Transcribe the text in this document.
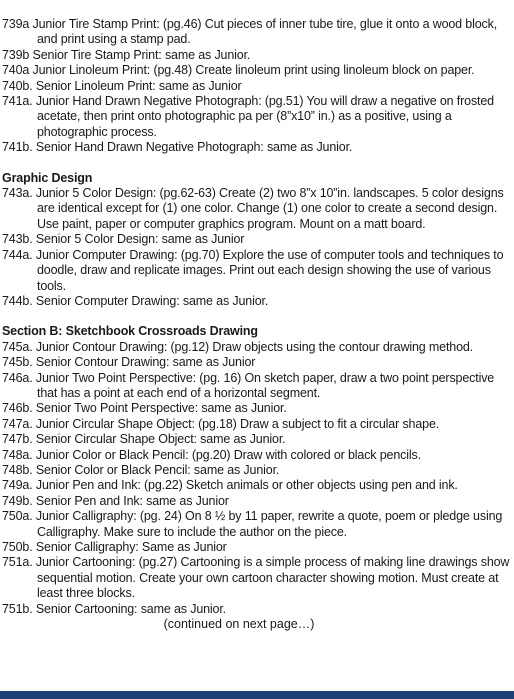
739a Junior Tire Stamp Print: (pg.46) Cut pieces of inner tube tire, glue it onto a wood block, and print using a stamp pad.
739b Senior Tire Stamp Print: same as Junior.
740a Junior Linoleum Print: (pg.48) Create linoleum print using linoleum block on paper.
740b. Senior Linoleum Print: same as Junior
741a. Junior Hand Drawn Negative Photograph: (pg.51) You will draw a negative on frosted acetate, then print onto photographic pa per (8”x10” in.) as a positive, using a photographic process.
741b. Senior Hand Drawn Negative Photograph: same as Junior.
Graphic Design
743a. Junior 5 Color Design: (pg.62-63) Create (2) two 8”x 10”in. landscapes. 5 color designs are identical except for (1) one color. Change (1) one color to create a second design. Use paint, paper or computer graphics program. Mount on a matt board.
743b. Senior 5 Color Design: same as Junior
744a. Junior Computer Drawing: (pg.70) Explore the use of computer tools and techniques to doodle, draw and replicate images. Print out each design showing the use of various tools.
744b. Senior Computer Drawing: same as Junior.
Section B: Sketchbook Crossroads Drawing
745a. Junior Contour Drawing: (pg.12) Draw objects using the contour drawing method.
745b. Senior Contour Drawing: same as Junior
746a. Junior Two Point Perspective: (pg. 16) On sketch paper, draw a two point perspective that has a point at each end of a horizontal segment.
746b. Senior Two Point Perspective: same as Junior.
747a. Junior Circular Shape Object: (pg.18) Draw a subject to fit a circular shape.
747b. Senior Circular Shape Object: same as Junior.
748a. Junior Color or Black Pencil: (pg.20) Draw with colored or black pencils.
748b. Senior Color or Black Pencil: same as Junior.
749a. Junior Pen and Ink: (pg.22) Sketch animals or other objects using pen and ink.
749b. Senior Pen and Ink: same as Junior
750a. Junior Calligraphy: (pg. 24) On 8 ½ by 11 paper, rewrite a quote, poem or pledge using Calligraphy. Make sure to include the author on the piece.
750b. Senior Calligraphy: Same as Junior
751a. Junior Cartooning: (pg.27) Cartooning is a simple process of making line drawings show sequential motion. Create your own cartoon character showing motion. Must create at least three blocks.
751b. Senior Cartooning: same as Junior.
(continued on next page…)
